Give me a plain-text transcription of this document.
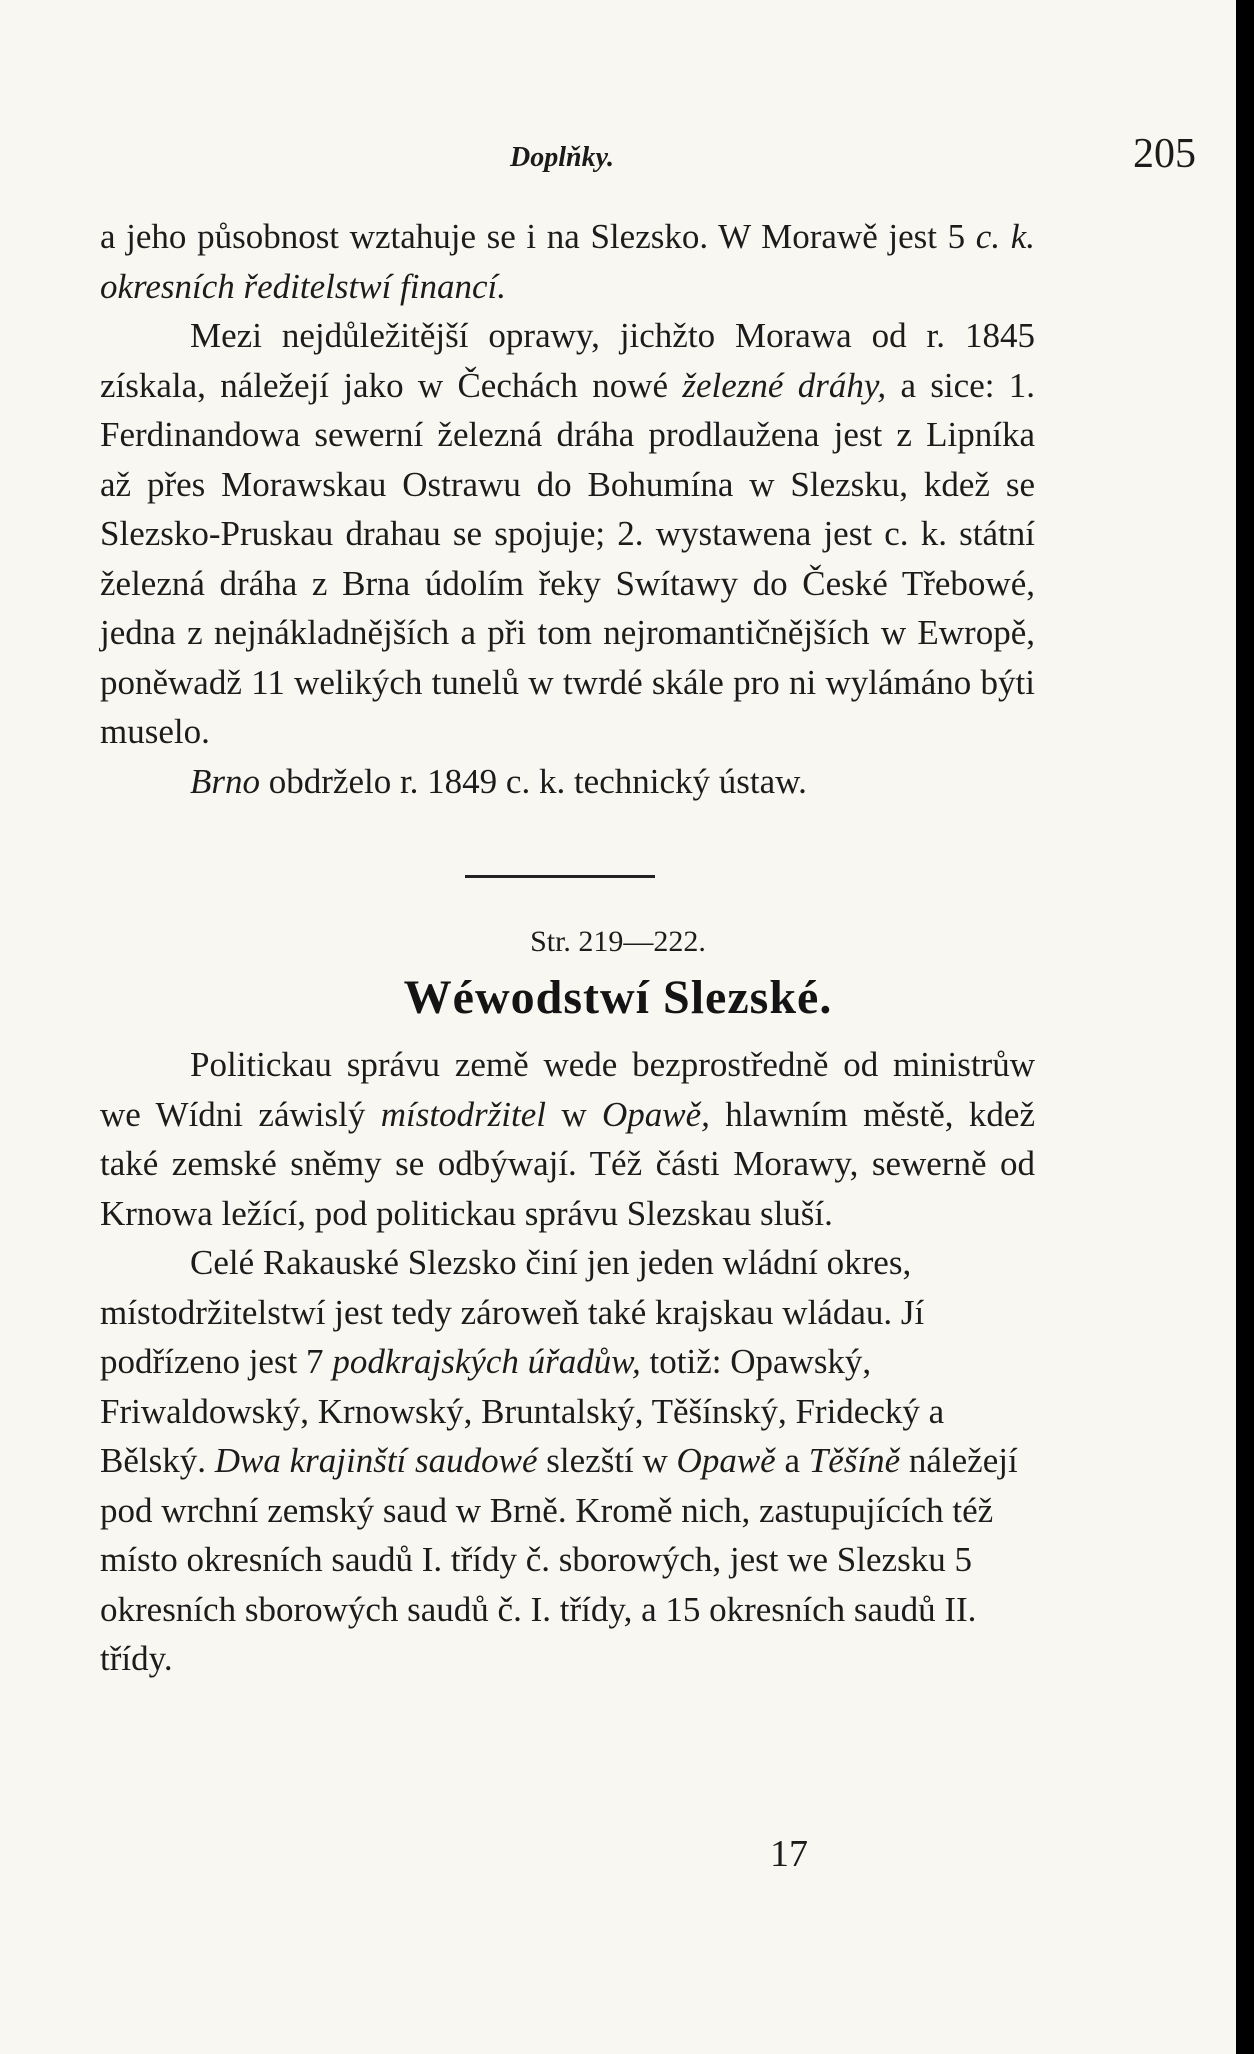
Doplňky.	205

a jeho působnost wztahuje se i na Slezsko. W Morawě jest 5 c. k. okresních ředitelstwí financí.

Mezi nejdůležitější oprawy, jichžto Morawa od r. 1845 získala, náležejí jako w Čechách nowé železné dráhy, a sice: 1. Ferdinandowa sewerní železná dráha prodlaužena jest z Lipníka až přes Morawskau Ostrawu do Bohumína w Slezsku, kdež se Slezsko-Pruskau drahau se spojuje; 2. wystawena jest c. k. státní železná dráha z Brna údolím řeky Swítawy do České Třebowé, jedna z nejnákladnějších a při tom nejromantičnějších w Ewropě, poněwadž 11 welikých tunelů w twrdé skále pro ni wylámáno býti muselo.

Brno obdrželo r. 1849 c. k. technický ústaw.

Str. 219—222.
Wéwodstwí Slezské.

Politickau správu země wede bezprostředně od ministrůw we Wídni záwislý místodržitel w Opawě, hlawním městě, kdež také zemské sněmy se odbýwají. Též části Morawy, sewerně od Krnowa ležící, pod politickau správu Slezskau sluší.

Celé Rakauské Slezsko činí jen jeden wládní okres, místodržitelstwí jest tedy zároweň také krajskau wládau. Jí podřízeno jest 7 podkrajských úřadůw, totiž: Opawský, Friwaldowský, Krnowský, Bruntalský, Těšínský, Fridecký a Bělský. Dwa krajinští saudowé slezští w Opawě a Těšíně náležejí pod wrchní zemský saud w Brně. Kromě nich, zastupujících též místo okresních saudů I. třídy č. sborowých, jest we Slezsku 5 okresních sborowých saudů č. I. třídy, a 15 okresních saudů II. třídy.

17
